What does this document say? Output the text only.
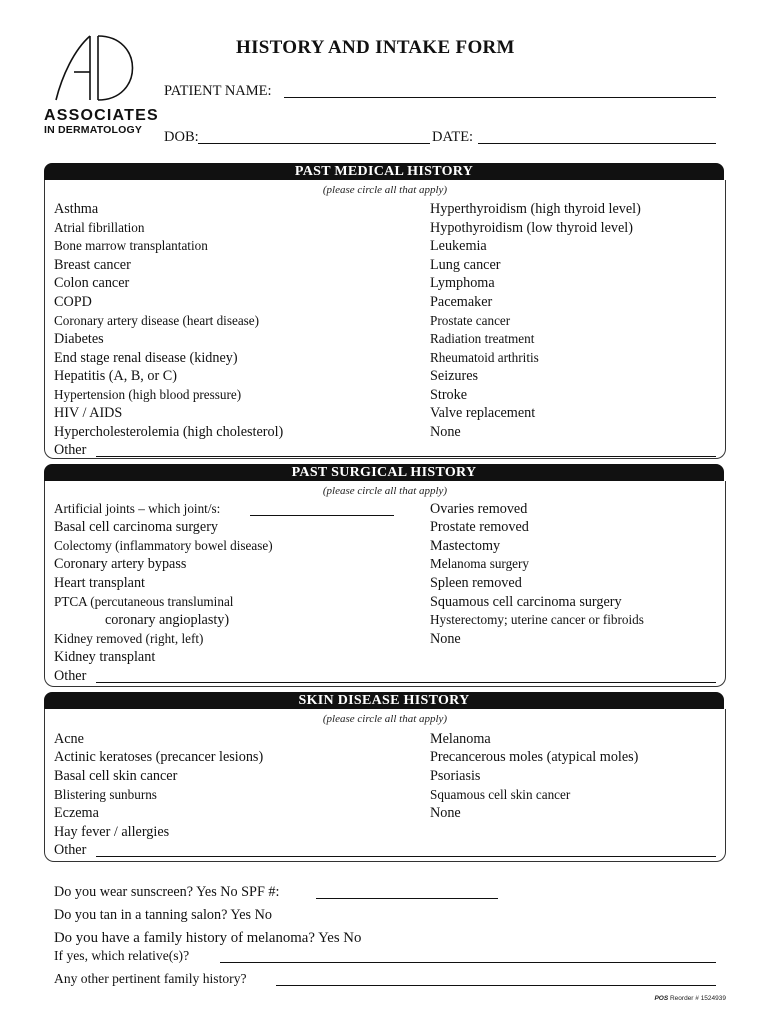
ASSOCIATES
IN DERMATOLOGY
HISTORY AND INTAKE FORM
PATIENT NAME:
DOB:	DATE:
PAST MEDICAL HISTORY
(please circle all that apply)
Asthma
Atrial fibrillation
Bone marrow transplantation
Breast cancer
Colon cancer
COPD
Coronary artery disease (heart disease)
Diabetes
End stage renal disease (kidney)
Hepatitis (A, B, or C)
Hypertension (high blood pressure)
HIV / AIDS
Hypercholesterolemia (high cholesterol)
Hyperthyroidism (high thyroid level)
Hypothyroidism (low thyroid level)
Leukemia
Lung cancer
Lymphoma
Pacemaker
Prostate cancer
Radiation treatment
Rheumatoid arthritis
Seizures
Stroke
Valve replacement
None
Other
PAST SURGICAL HISTORY
(please circle all that apply)
Artificial joints – which joint/s:
Basal cell carcinoma surgery
Colectomy (inflammatory bowel disease)
Coronary artery bypass
Heart transplant
PTCA (percutaneous transluminal
coronary angioplasty)
Kidney removed (right, left)
Kidney transplant
Ovaries removed
Prostate removed
Mastectomy
Melanoma surgery
Spleen removed
Squamous cell carcinoma surgery
Hysterectomy; uterine cancer or fibroids
None
Other
SKIN DISEASE HISTORY
(please circle all that apply)
Acne
Actinic keratoses (precancer lesions)
Basal cell skin cancer
Blistering sunburns
Eczema
Hay fever / allergies
Melanoma
Precancerous moles (atypical moles)
Psoriasis
Squamous cell skin cancer
None
Other
Do you wear sunscreen? Yes No SPF #:
Do you tan in a tanning salon? Yes No
Do you have a family history of melanoma? Yes No
If yes, which relative(s)?
Any other pertinent family history?
POS Reorder # 1524939
